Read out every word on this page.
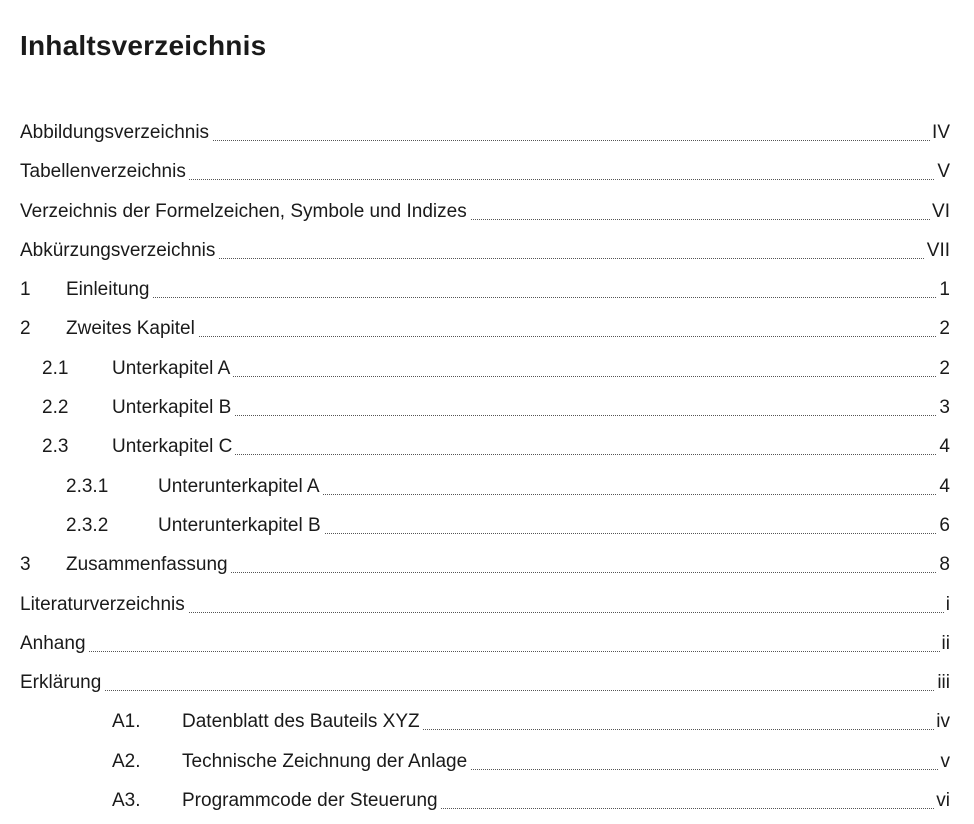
Inhaltsverzeichnis
Abbildungsverzeichnis	IV
Tabellenverzeichnis	V
Verzeichnis der Formelzeichen, Symbole und Indizes	VI
Abkürzungsverzeichnis	VII
1 Einleitung	1
2 Zweites Kapitel	2
2.1 Unterkapitel A	2
2.2 Unterkapitel B	3
2.3 Unterkapitel C	4
2.3.1	Unterunterkapitel A	4
2.3.2	Unterunterkapitel B	6
3 Zusammenfassung	8
Literaturverzeichnis	i
Anhang	ii
Erklärung	iii
A1. Datenblatt des Bauteils XYZ	iv
A2. Technische Zeichnung der Anlage	v
A3. Programmcode der Steuerung	vi
